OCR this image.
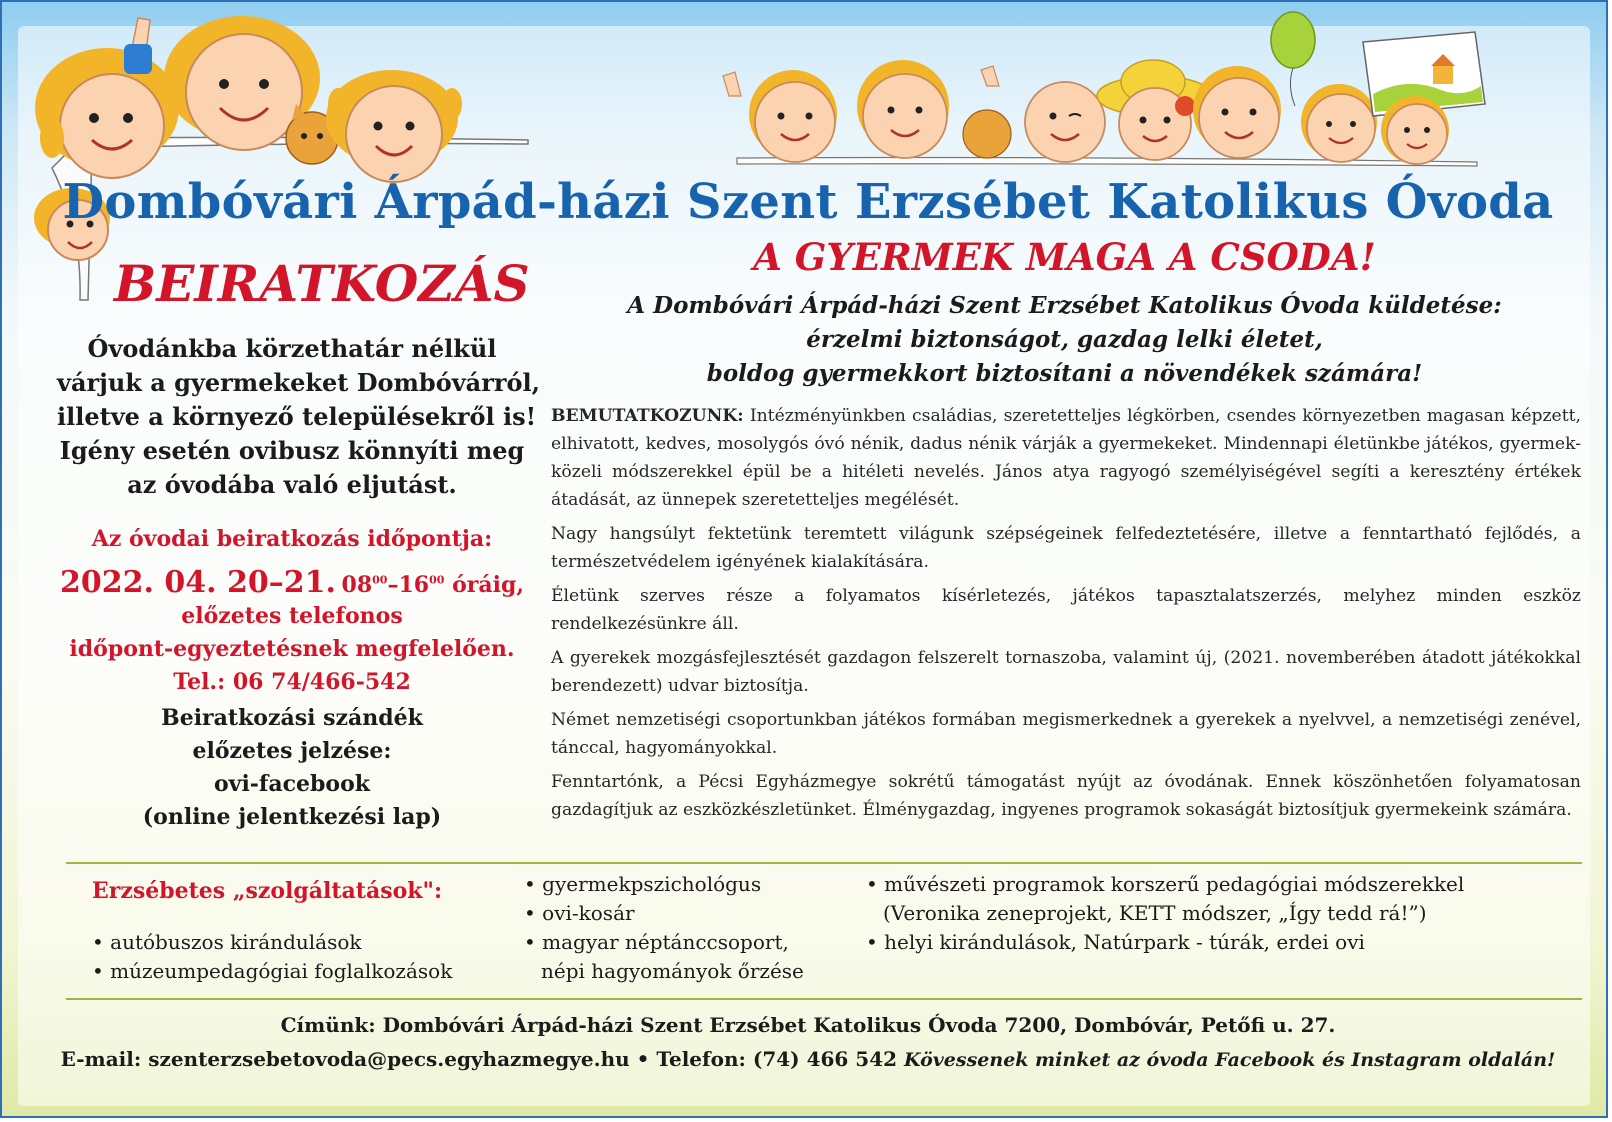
Dombóvári Árpád-házi Szent Erzsébet Katolikus Óvoda
BEIRATKOZÁS
Óvodánkba körzethatár nélkül
várjuk a gyermekeket Dombóvárról,
illetve a környező településekről is!
Igény esetén ovibusz könnyíti meg
az óvodába való eljutást.
Az óvodai beiratkozás időpontja:
2022. 04. 20–21. $08^{00}-16^{00}$ óráig,
előzetes telefonos
időpont-egyeztetésnek megfelelően.
Tel.: 06 74/466-542
Beiratkozási szándék
előzetes jelzése:
ovi-facebook
(online jelentkezési lap)
A GYERMEK MAGA A CSODA!
A Dombóvári Árpád-házi Szent Erzsébet Katolikus Óvoda küldetése:
érzelmi biztonságot, gazdag lelki életet,
boldog gyermekkort biztosítani a növendékek számára!

BEMUTATKOZUNK: Intézményünkben családias, szeretetteljes légkörben, csendes környezetben magasan képzett, elhivatott, kedves, mosolygós óvó nénik, dadus nénik várják a gyermekeket. Mindennapi életünkbe játékos, gyermek-közeli módszerekkel épül be a hitéleti nevelés. János atya ragyogó személyiségével segíti a keresztény értékek átadását, az ünnepek szeretetteljes megélését.

Nagy hangsúlyt fektetünk teremtett világunk szépségeinek felfedeztetésére, illetve a fenntartható fejlődés, a természetvédelem igényének kialakítására.

Életünk szerves része a folyamatos kísérletezés, játékos tapasztalatszerzés, melyhez minden eszköz rendelkezésünkre áll.

A gyerekek mozgásfejlesztését gazdagon felszerelt tornaszoba, valamint új, (2021. novemberében átadott játékokkal berendezett) udvar biztosítja.

Német nemzetiségi csoportunkban játékos formában megismerkednek a gyerekek a nyelvvel, a nemzetiségi zenével, tánccal, hagyományokkal.

Fenntartónk, a Pécsi Egyházmegye sokrétű támogatást nyújt az óvodának. Ennek köszönhetően folyamatosan gazdagítjuk az eszközkészletünket. Élménygazdag, ingyenes programok sokaságát biztosítjuk gyermekeink számára.

Erzsébetes „szolgáltatások":
• autóbuszos kirándulások
• múzeumpedagógiai foglalkozások
• gyermekpszichológus
• ovi-kosár
• magyar néptánccsoport,
népi hagyományok őrzése
• művészeti programok korszerű pedagógiai módszerekkel
(Veronika zeneprojekt, KETT módszer, „Így tedd rá!”)
• helyi kirándulások, Natúrpark - túrák, erdei ovi
Címünk: Dombóvári Árpád-házi Szent Erzsébet Katolikus Óvoda 7200, Dombóvár, Petőfi u. 27.
E-mail: szenterzsebetovoda@pecs.egyhazmegye.hu • Telefon: (74) 466 542 Kövessenek minket az óvoda Facebook és Instagram oldalán!
